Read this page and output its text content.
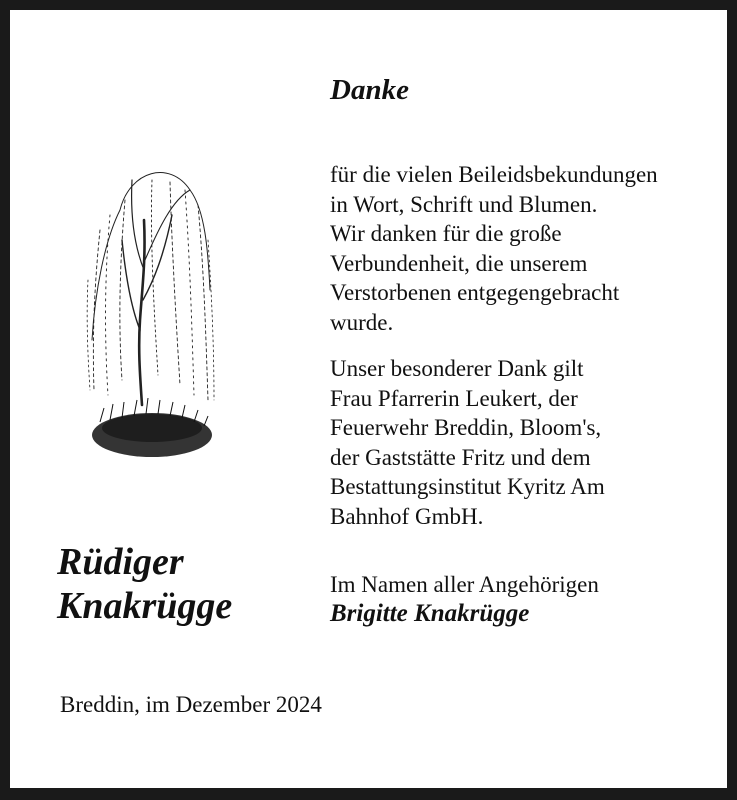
Danke

für die vielen Beileidsbekundungen
in Wort, Schrift und Blumen.
Wir danken für die große
Verbundenheit, die unserem
Verstorbenen entgegengebracht
wurde.

Unser besonderer Dank gilt
Frau Pfarrerin Leukert, der
Feuerwehr Breddin, Bloom's,
der Gaststätte Fritz und dem
Bestattungsinstitut Kyritz Am
Bahnhof GmbH.

Im Namen aller Angehörigen

Brigitte Knakrügge

Rüdiger
Knakrügge

Breddin, im Dezember 2024
